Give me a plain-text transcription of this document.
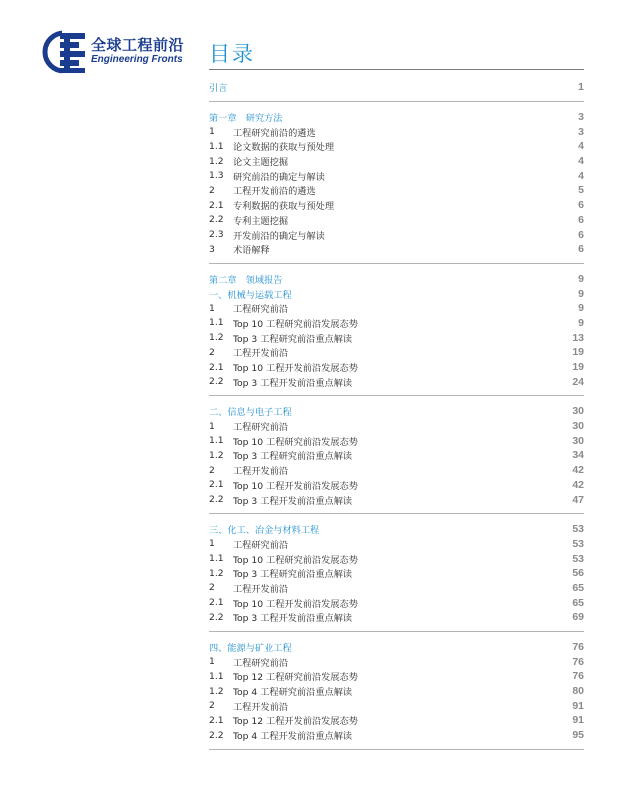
全球工程前沿
Engineering Fronts 目录
引言	1
第一章　研究方法	3
1	工程研究前沿的遴选	3
1.1	论文数据的获取与预处理	4
1.2	论文主题挖掘	4
1.3	研究前沿的确定与解读	4
2	工程开发前沿的遴选	5
2.1	专利数据的获取与预处理	6
2.2	专利主题挖掘	6
2.3	开发前沿的确定与解读	6
3	术语解释	6
第二章　领域报告	9
一、机械与运载工程	9
1	工程研究前沿	9
1.1	Top 10 工程研究前沿发展态势	9
1.2	Top 3 工程研究前沿重点解读	13
2	工程开发前沿	19
2.1	Top 10 工程开发前沿发展态势	19
2.2	Top 3 工程开发前沿重点解读	24
二、信息与电子工程	30
1	工程研究前沿	30
1.1	Top 10 工程研究前沿发展态势	30
1.2	Top 3 工程研究前沿重点解读	34
2	工程开发前沿	42
2.1	Top 10 工程开发前沿发展态势	42
2.2	Top 3 工程开发前沿重点解读	47
三、化工、冶金与材料工程	53
1	工程研究前沿	53
1.1	Top 10 工程研究前沿发展态势	53
1.2	Top 3 工程研究前沿重点解读	56
2	工程开发前沿	65
2.1	Top 10 工程开发前沿发展态势	65
2.2	Top 3 工程开发前沿重点解读	69
四、能源与矿业工程	76
1	工程研究前沿	76
1.1	Top 12 工程研究前沿发展态势	76
1.2	Top 4 工程研究前沿重点解读	80
2	工程开发前沿	91
2.1	Top 12 工程开发前沿发展态势	91
2.2	Top 4 工程开发前沿重点解读	95
